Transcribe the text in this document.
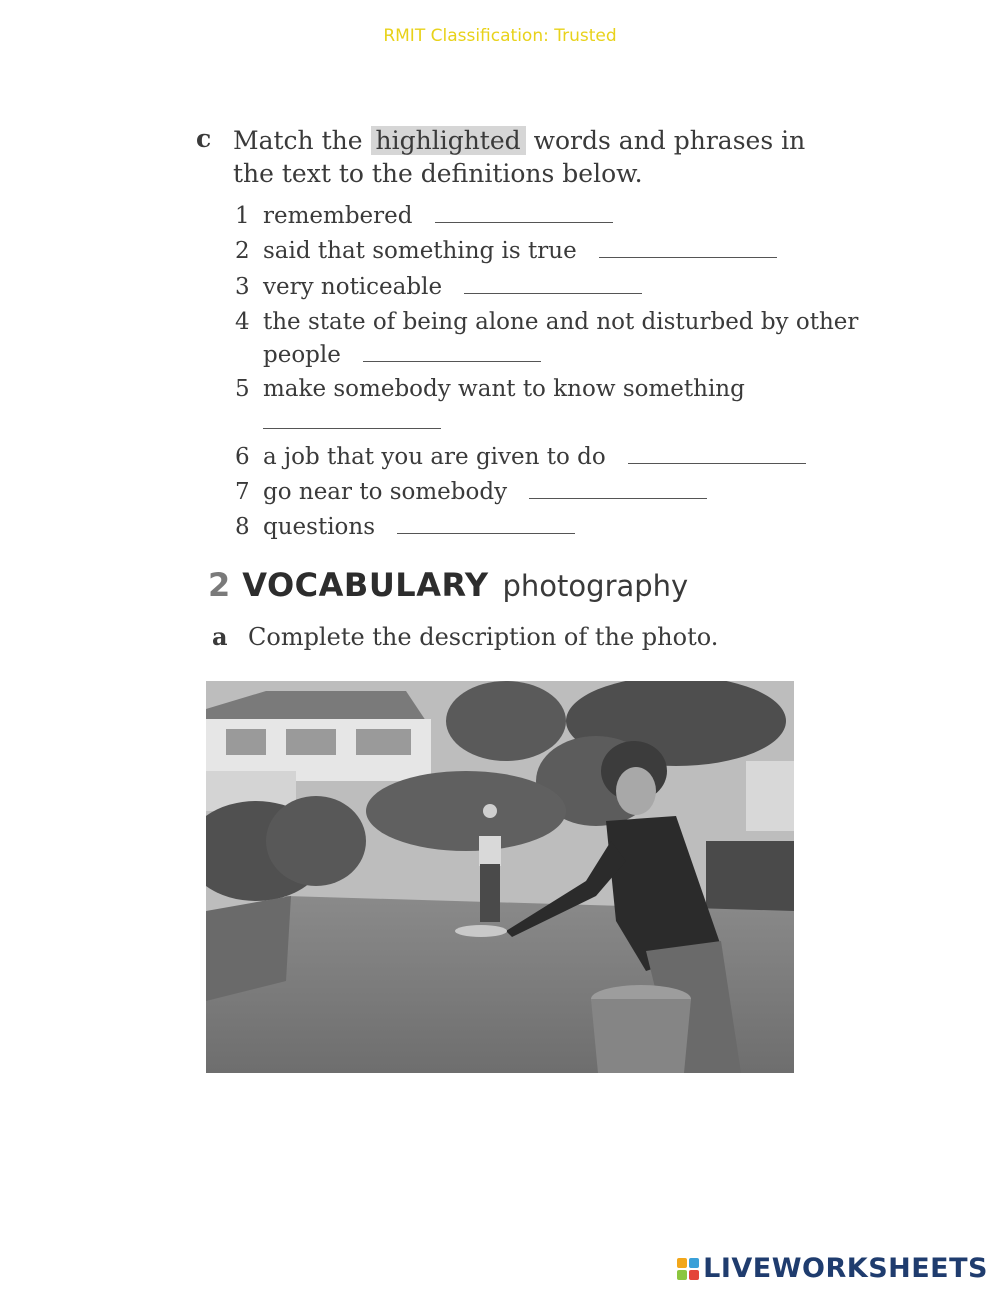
RMIT Classification: Trusted
c Match the highlighted words and phrases in the text to the definitions below.
1 remembered
2 said that something is true
3 very noticeable
4 the state of being alone and not disturbed by other
people
5 make somebody want to know something
6 a job that you are given to do
7 go near to somebody
8 questions
2 VOCABULARY photography
a Complete the description of the photo.
LIVEWORKSHEETS
